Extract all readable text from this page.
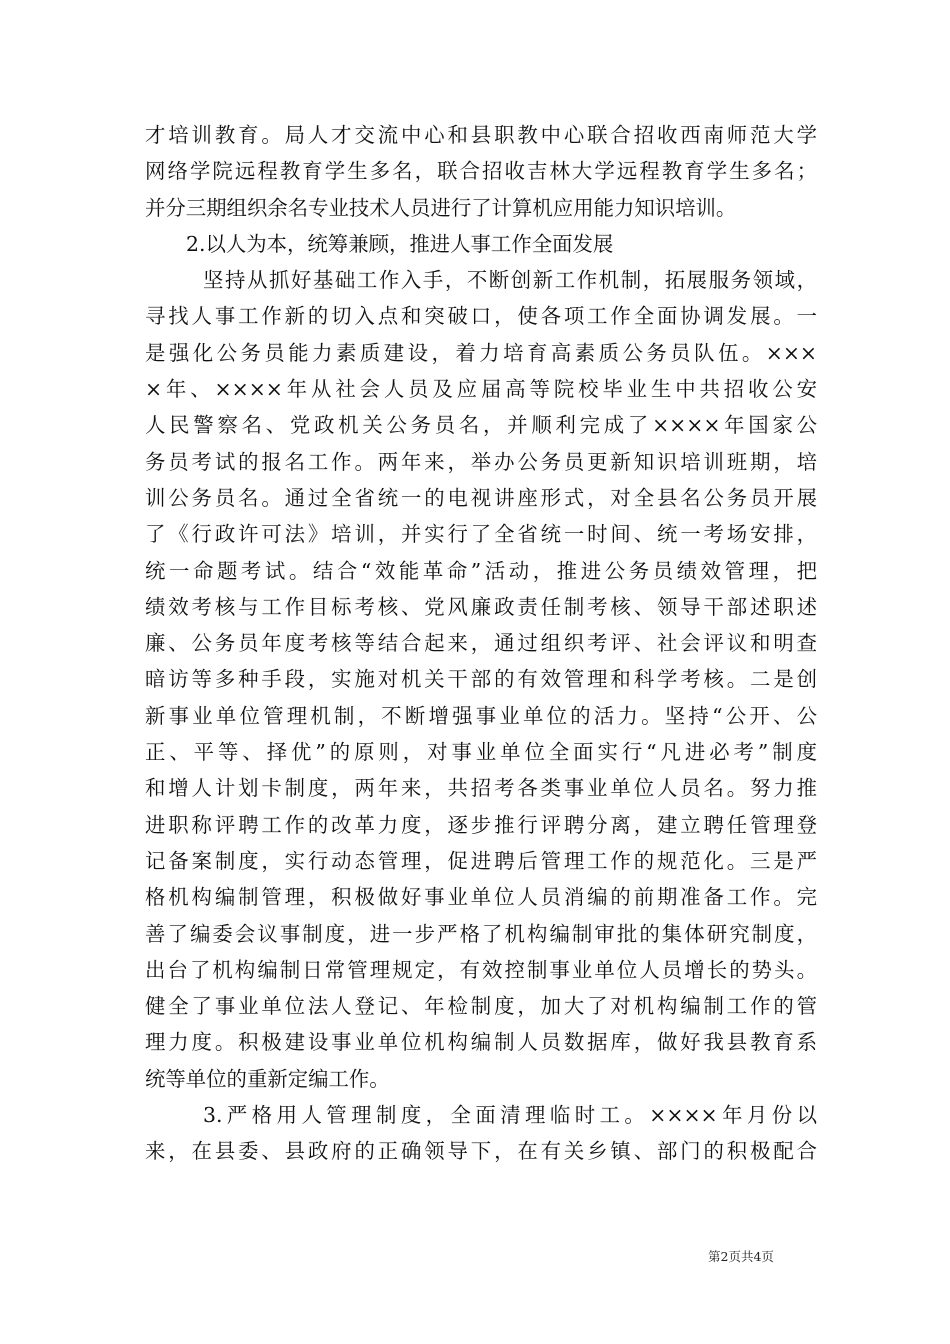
才培训教育。局人才交流中心和县职教中心联合招收西南师范大学
网络学院远程教育学生多名，联合招收吉林大学远程教育学生多名；
并分三期组织余名专业技术人员进行了计算机应用能力知识培训。
2.以人为本，统筹兼顾，推进人事工作全面发展
坚持从抓好基础工作入手，不断创新工作机制，拓展服务领域，
寻找人事工作新的切入点和突破口，使各项工作全面协调发展。一
是强化公务员能力素质建设，着力培育高素质公务员队伍。×××
×年、××××年从社会人员及应届高等院校毕业生中共招收公安
人民警察名、党政机关公务员名，并顺利完成了××××年国家公
务员考试的报名工作。两年来，举办公务员更新知识培训班期，培
训公务员名。通过全省统一的电视讲座形式，对全县名公务员开展
了《行政许可法》培训，并实行了全省统一时间、统一考场安排，
统一命题考试。结合“效能革命”活动，推进公务员绩效管理，把
绩效考核与工作目标考核、党风廉政责任制考核、领导干部述职述
廉、公务员年度考核等结合起来，通过组织考评、社会评议和明查
暗访等多种手段，实施对机关干部的有效管理和科学考核。二是创
新事业单位管理机制，不断增强事业单位的活力。坚持“公开、公
正、平等、择优”的原则，对事业单位全面实行“凡进必考”制度
和增人计划卡制度，两年来，共招考各类事业单位人员名。努力推
进职称评聘工作的改革力度，逐步推行评聘分离，建立聘任管理登
记备案制度，实行动态管理，促进聘后管理工作的规范化。三是严
格机构编制管理，积极做好事业单位人员消编的前期准备工作。完
善了编委会议事制度，进一步严格了机构编制审批的集体研究制度，
出台了机构编制日常管理规定，有效控制事业单位人员增长的势头。
健全了事业单位法人登记、年检制度，加大了对机构编制工作的管
理力度。积极建设事业单位机构编制人员数据库，做好我县教育系
统等单位的重新定编工作。
3.严格用人管理制度，全面清理临时工。××××年月份以
来，在县委、县政府的正确领导下，在有关乡镇、部门的积极配合
第2页共4页
